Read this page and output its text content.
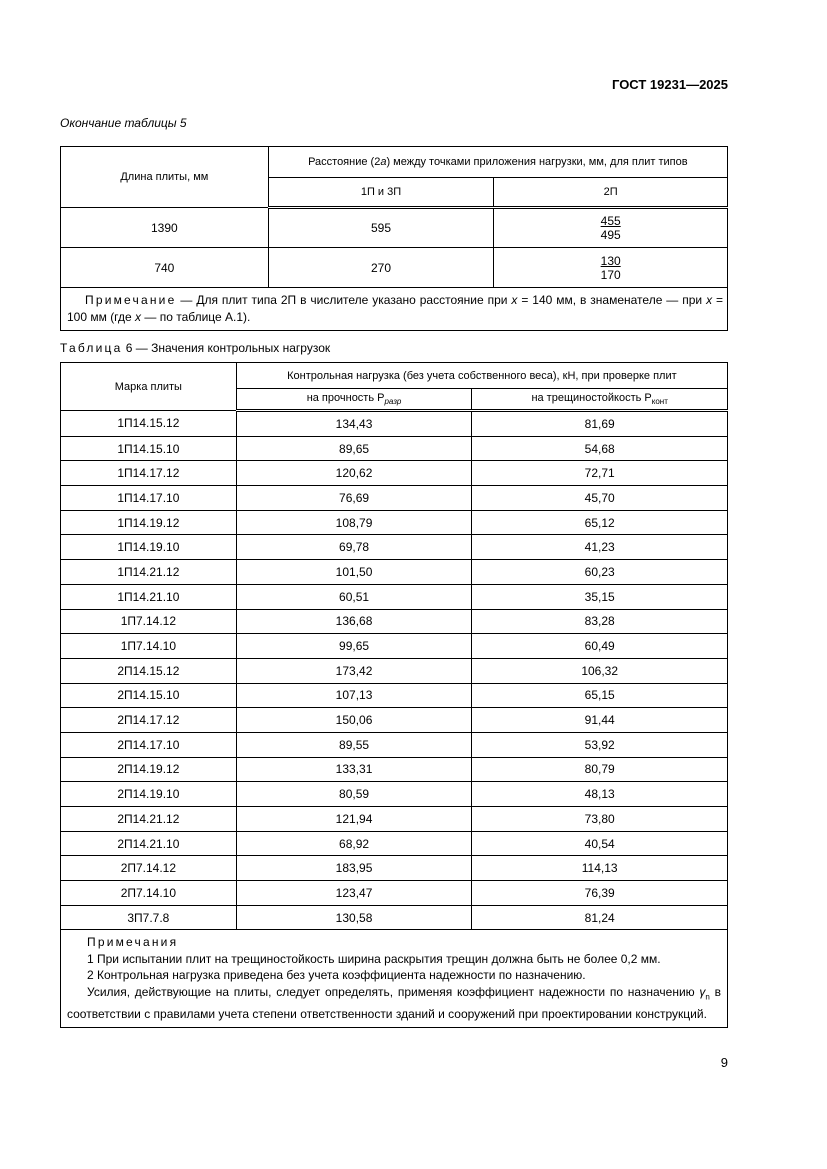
ГОСТ 19231—2025
Окончание таблицы 5
Длина плиты, мм	Расстояние (2a) между точками приложения нагрузки, мм, для плит типов	
	1П и 3П	2П
1390	595	$\frac{455}{495}$

740	270	$\frac{130}{170}$

Примечание — Для плит типа 2П в числителе указано расстояние при x = 140 мм, в знаменателе — при x = 100 мм (где x — по таблице А.1).		
Таблица 6 — Значения контрольных нагрузок
Марка плиты	Контрольная нагрузка (без учета собственного веса), кН, при проверке плит	
	на прочность $P_{разр}$	на трещиностойкость $P_{конт}$
1П14.15.12	134,43	81,69
1П14.15.10	89,65	54,68
1П14.17.12	120,62	72,71
1П14.17.10	76,69	45,70
1П14.19.12	108,79	65,12
1П14.19.10	69,78	41,23
1П14.21.12	101,50	60,23
1П14.21.10	60,51	35,15
1П7.14.12	136,68	83,28
1П7.14.10	99,65	60,49
2П14.15.12	173,42	106,32
2П14.15.10	107,13	65,15
2П14.17.12	150,06	91,44
2П14.17.10	89,55	53,92
2П14.19.12	133,31	80,79
2П14.19.10	80,59	48,13
2П14.21.12	121,94	73,80
2П14.21.10	68,92	40,54
2П7.14.12	183,95	114,13
2П7.14.10	123,47	76,39
3П7.7.8	130,58	81,24

Примечания

1 При испытании плит на трещиностойкость ширина раскрытия трещин должна быть не более 0,2 мм.

2 Контрольная нагрузка приведена без учета коэффициента надежности по назначению.

Усилия, действующие на плиты, следует определять, применяя коэффициент надежности по назначению $\gamma_n$ в соответствии с правилами учета степени ответственности зданий и сооружений при проектировании конструкций.		

9
